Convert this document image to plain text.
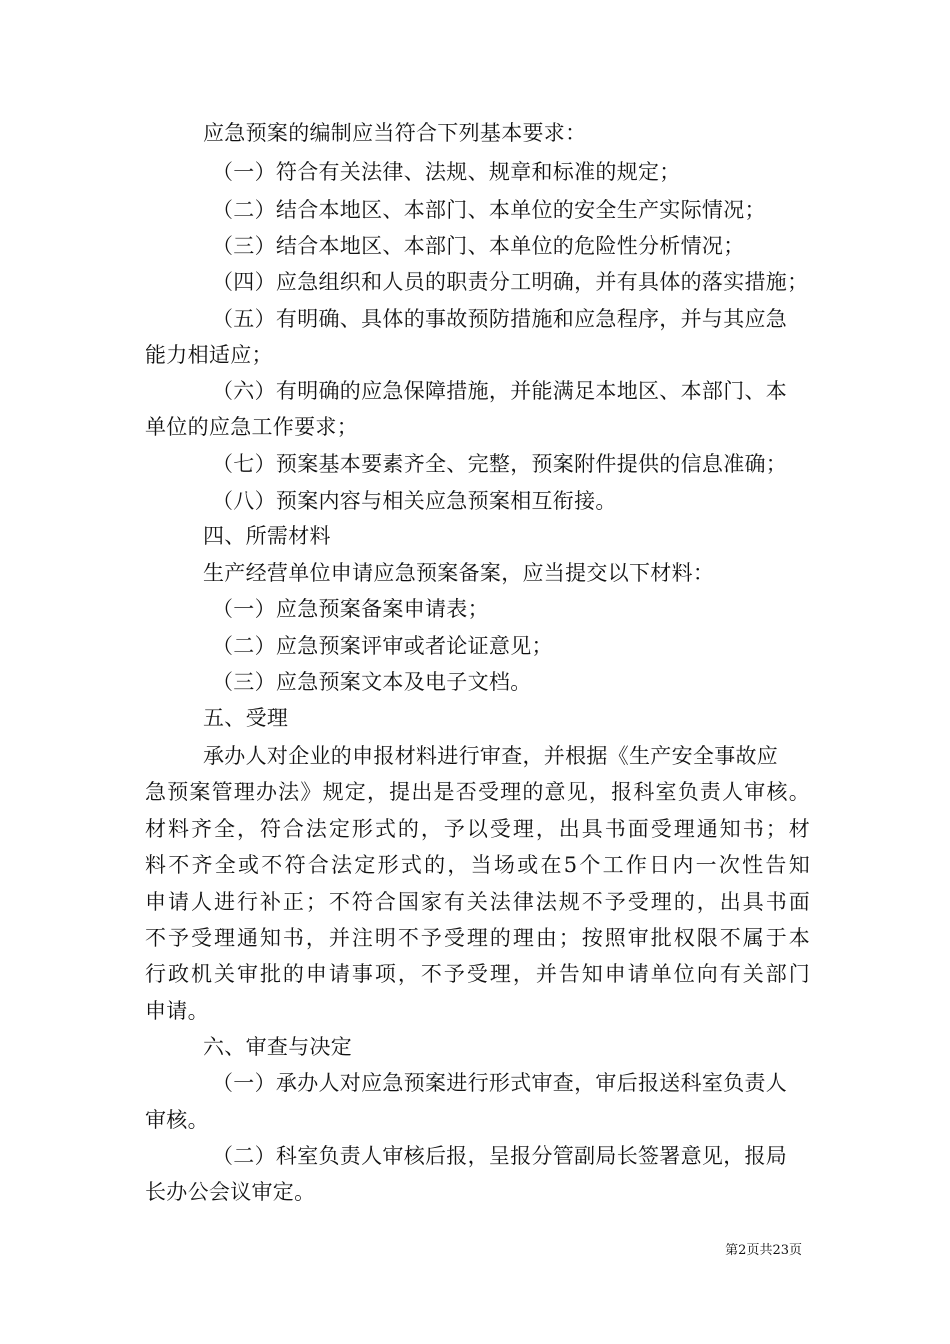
应急预案的编制应当符合下列基本要求：
（一）符合有关法律、法规、规章和标准的规定；
（二）结合本地区、本部门、本单位的安全生产实际情况；
（三）结合本地区、本部门、本单位的危险性分析情况；
（四）应急组织和人员的职责分工明确，并有具体的落实措施；
（五）有明确、具体的事故预防措施和应急程序，并与其应急
能力相适应；
（六）有明确的应急保障措施，并能满足本地区、本部门、本
单位的应急工作要求；
（七）预案基本要素齐全、完整，预案附件提供的信息准确；
（八）预案内容与相关应急预案相互衔接。
四、所需材料
生产经营单位申请应急预案备案，应当提交以下材料：
（一）应急预案备案申请表；
（二）应急预案评审或者论证意见；
（三）应急预案文本及电子文档。
五、受理
承办人对企业的申报材料进行审查，并根据《生产安全事故应
急预案管理办法》规定，提出是否受理的意见，报科室负责人审核。
材料齐全，符合法定形式的，予以受理，出具书面受理通知书；材
料不齐全或不符合法定形式的，当场或在5个工作日内一次性告知
申请人进行补正；不符合国家有关法律法规不予受理的，出具书面
不予受理通知书，并注明不予受理的理由；按照审批权限不属于本
行政机关审批的申请事项，不予受理，并告知申请单位向有关部门
申请。
六、审查与决定
（一）承办人对应急预案进行形式审查，审后报送科室负责人
审核。
（二）科室负责人审核后报，呈报分管副局长签署意见，报局
长办公会议审定。
第2页共23页
